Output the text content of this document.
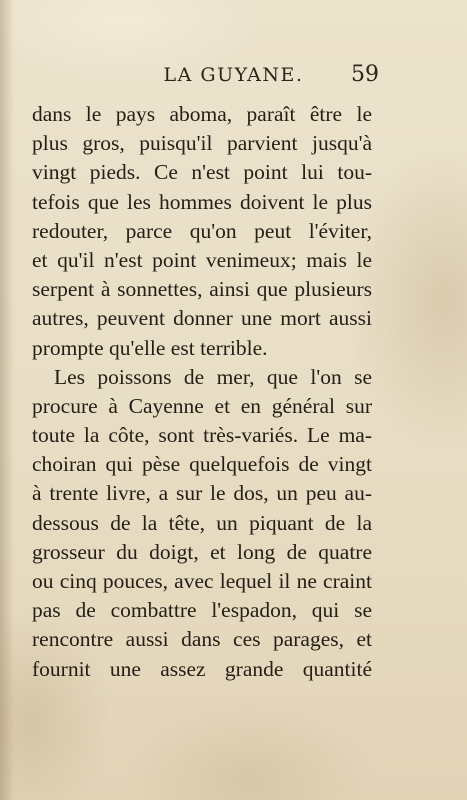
LA GUYANE.	59
dans le pays aboma, paraît être le
plus gros, puisqu'il parvient jusqu'à
vingt pieds. Ce n'est point lui tou-
tefois que les hommes doivent le plus
redouter, parce qu'on peut l'éviter,
et qu'il n'est point venimeux; mais le
serpent à sonnettes, ainsi que plusieurs
autres, peuvent donner une mort aussi
prompte qu'elle est terrible.
Les poissons de mer, que l'on se
procure à Cayenne et en général sur
toute la côte, sont très-variés. Le ma-
choiran qui pèse quelquefois de vingt
à trente livre, a sur le dos, un peu au-
dessous de la tête, un piquant de la
grosseur du doigt, et long de quatre
ou cinq pouces, avec lequel il ne craint
pas de combattre l'espadon, qui se
rencontre aussi dans ces parages, et
fournit une assez grande quantité
